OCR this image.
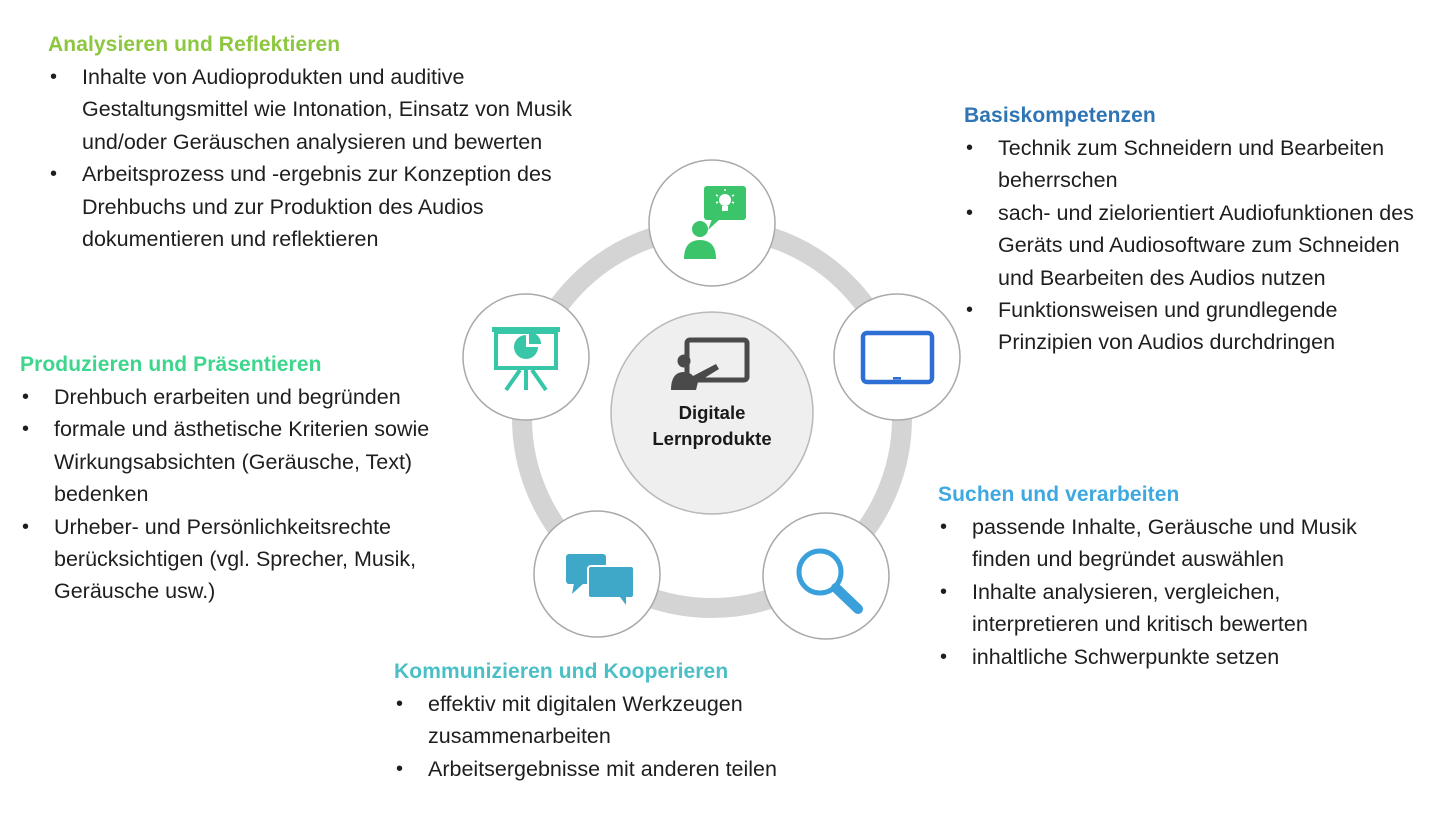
Digitale
Lernprodukte
Analysieren und Reflektieren
• Inhalte von Audioprodukten und auditive Gestaltungsmittel wie Intonation, Einsatz von Musik und/oder Geräuschen analysieren und bewerten
• Arbeitsprozess und -ergebnis zur Konzeption des Drehbuchs und zur Produktion des Audios dokumentieren und reflektieren
Basiskompetenzen
• Technik zum Schneidern und Bearbeiten beherrschen
• sach- und zielorientiert Audiofunktionen des Geräts und Audiosoftware zum Schneiden und Bearbeiten des Audios nutzen
• Funktionsweisen und grundlegende Prinzipien von Audios durchdringen
Produzieren und Präsentieren
• Drehbuch erarbeiten und begründen
• formale und ästhetische Kriterien sowie Wirkungsabsichten (Geräusche, Text) bedenken
• Urheber- und Persönlichkeitsrechte berücksichtigen (vgl. Sprecher, Musik, Geräusche usw.)
Suchen und verarbeiten
• passende Inhalte, Geräusche und Musik finden und begründet auswählen
• Inhalte analysieren, vergleichen, interpretieren und kritisch bewerten
• inhaltliche Schwerpunkte setzen
Kommunizieren und Kooperieren
• effektiv mit digitalen Werkzeugen zusammenarbeiten
• Arbeitsergebnisse mit anderen teilen
